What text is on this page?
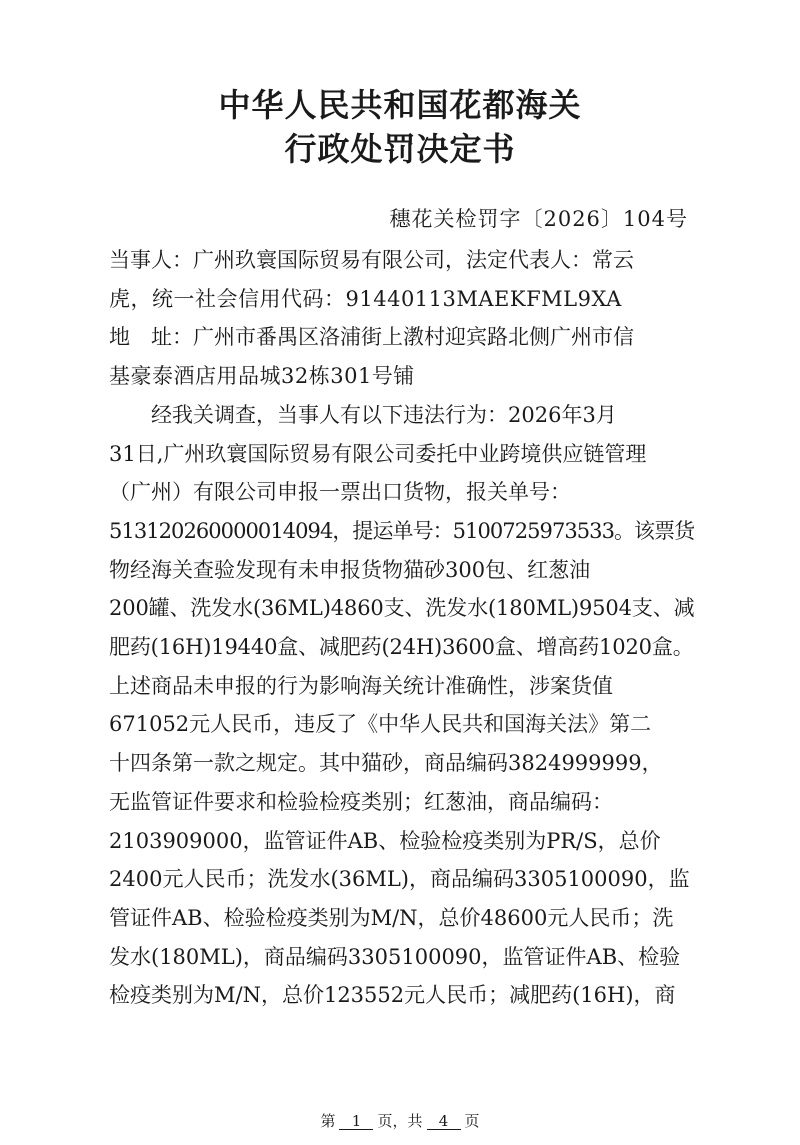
中华人民共和国花都海关
行政处罚决定书
穗花关检罚字〔2026〕104号
当事人：广州玖寰国际贸易有限公司，法定代表人：常云
虎，统一社会信用代码：91440113MAEKFML9XA
地　址：广州市番禺区洛浦街上漖村迎宾路北侧广州市信
基豪泰酒店用品城32栋301号铺
　　经我关调查，当事人有以下违法行为：2026年3月
31日,广州玖寰国际贸易有限公司委托中业跨境供应链管理
（广州）有限公司申报一票出口货物，报关单号：
513120260000014094，提运单号：5100725973533。该票货
物经海关查验发现有未申报货物猫砂300包、红葱油
200罐、洗发水(36ML)4860支、洗发水(180ML)9504支、减
肥药(16H)19440盒、减肥药(24H)3600盒、增高药1020盒。
上述商品未申报的行为影响海关统计准确性，涉案货值
671052元人民币，违反了《中华人民共和国海关法》第二
十四条第一款之规定。其中猫砂，商品编码3824999999，
无监管证件要求和检验检疫类别；红葱油，商品编码：
2103909000，监管证件AB、检验检疫类别为PR/S，总价
2400元人民币；洗发水(36ML)，商品编码3305100090，监
管证件AB、检验检疫类别为M/N，总价48600元人民币；洗
发水(180ML)，商品编码3305100090，监管证件AB、检验
检疫类别为M/N，总价123552元人民币；减肥药(16H)，商
第 1 页，共 4 页
